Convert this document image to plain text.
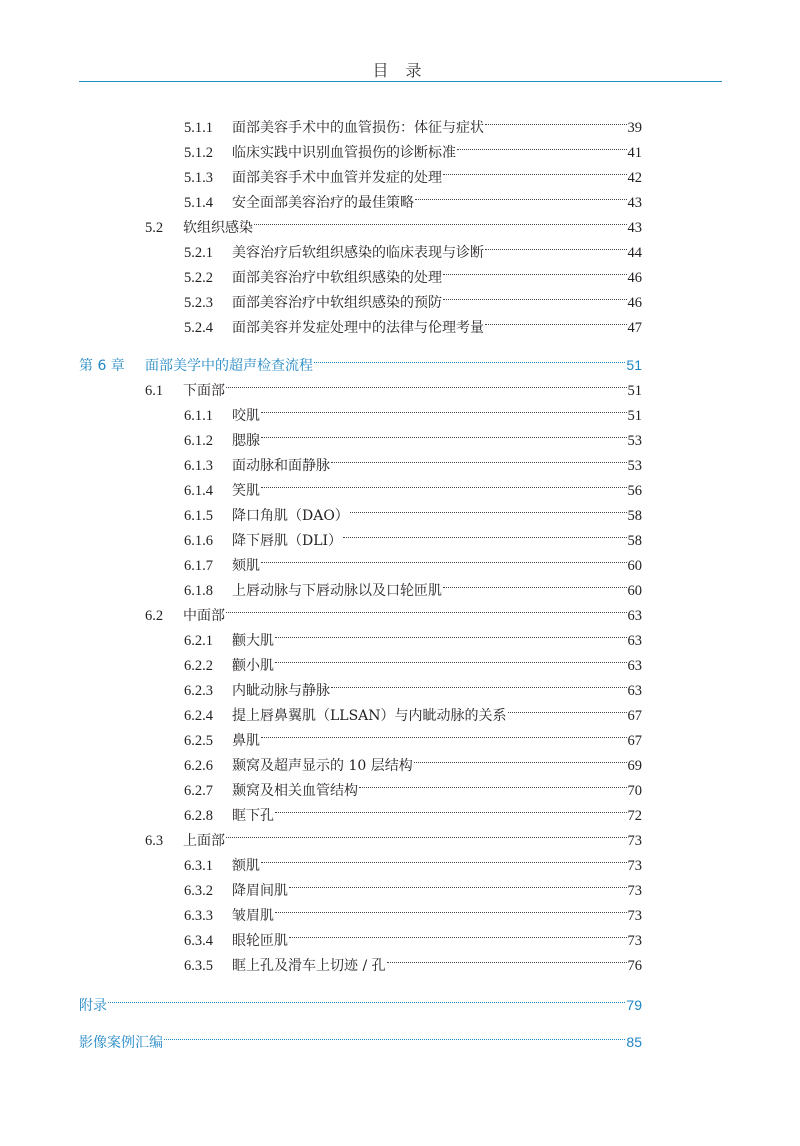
目 录
5.1.1	面部美容手术中的血管损伤：体征与症状	39
5.1.2	临床实践中识别血管损伤的诊断标准	41
5.1.3	面部美容手术中血管并发症的处理	42
5.1.4	安全面部美容治疗的最佳策略	43
5.2	软组织感染	43
5.2.1	美容治疗后软组织感染的临床表现与诊断	44
5.2.2	面部美容治疗中软组织感染的处理	46
5.2.3	面部美容治疗中软组织感染的预防	46
5.2.4	面部美容并发症处理中的法律与伦理考量	47
第 6 章	面部美学中的超声检查流程	51
6.1	下面部	51
6.1.1	咬肌	51
6.1.2	腮腺	53
6.1.3	面动脉和面静脉	53
6.1.4	笑肌	56
6.1.5	降口角肌（DAO）	58
6.1.6	降下唇肌（DLI）	58
6.1.7	颏肌	60
6.1.8	上唇动脉与下唇动脉以及口轮匝肌	60
6.2	中面部	63
6.2.1	颧大肌	63
6.2.2	颧小肌	63
6.2.3	内眦动脉与静脉	63
6.2.4	提上唇鼻翼肌（LLSAN）与内眦动脉的关系	67
6.2.5	鼻肌	67
6.2.6	颞窝及超声显示的 10 层结构	69
6.2.7	颞窝及相关血管结构	70
6.2.8	眶下孔	72
6.3	上面部	73
6.3.1	额肌	73
6.3.2	降眉间肌	73
6.3.3	皱眉肌	73
6.3.4	眼轮匝肌	73
6.3.5	眶上孔及滑车上切迹 / 孔	76
附录	79
影像案例汇编	85
